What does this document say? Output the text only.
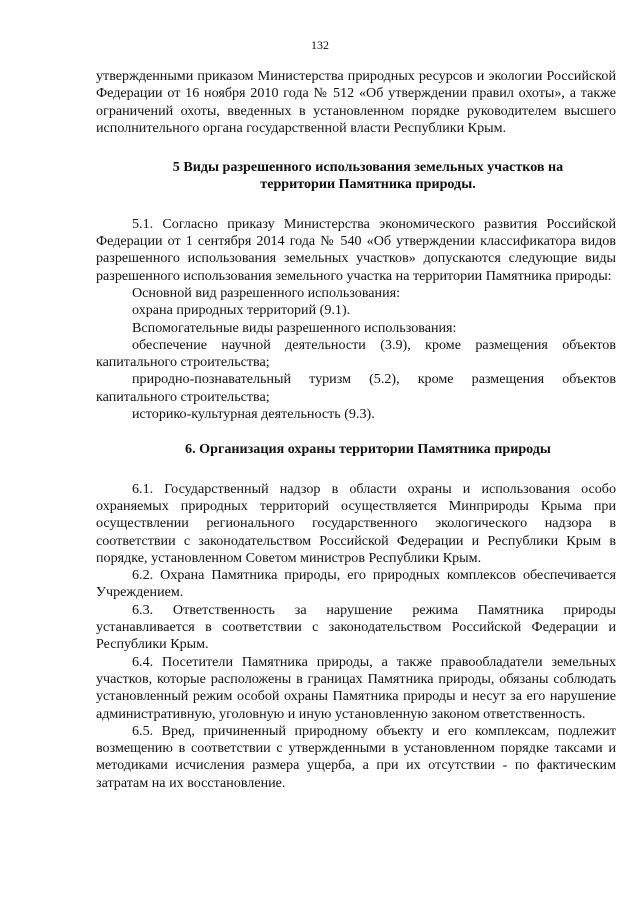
132

утвержденными приказом Министерства природных ресурсов и экологии Российской Федерации от 16 ноября 2010 года № 512 «Об утверждении правил охоты», а также ограничений охоты, введенных в установленном порядке руководителем высшего исполнительного органа государственной власти Республики Крым.

5 Виды разрешенного использования земельных участков на
территории Памятника природы.

5.1. Согласно приказу Министерства экономического развития Российской Федерации от 1 сентября 2014 года № 540 «Об утверждении классификатора видов разрешенного использования земельных участков» допускаются следующие виды разрешенного использования земельного участка на территории Памятника природы:

Основной вид разрешенного использования:

охрана природных территорий (9.1).

Вспомогательные виды разрешенного использования:

обеспечение научной деятельности (3.9), кроме размещения объектов капитального строительства;

природно-познавательный туризм (5.2), кроме размещения объектов капитального строительства;

историко-культурная деятельность (9.3).

6. Организация охраны территории Памятника природы

6.1. Государственный надзор в области охраны и использования особо охраняемых природных территорий осуществляется Минприроды Крыма при осуществлении регионального государственного экологического надзора в соответствии с законодательством Российской Федерации и Республики Крым в порядке, установленном Советом министров Республики Крым.

6.2. Охрана Памятника природы, его природных комплексов обеспечивается Учреждением.

6.3. Ответственность за нарушение режима Памятника природы устанавливается в соответствии с законодательством Российской Федерации и Республики Крым.

6.4. Посетители Памятника природы, а также правообладатели земельных участков, которые расположены в границах Памятника природы, обязаны соблюдать установленный режим особой охраны Памятника природы и несут за его нарушение административную, уголовную и иную установленную законом ответственность.

6.5. Вред, причиненный природному объекту и его комплексам, подлежит возмещению в соответствии с утвержденными в установленном порядке таксами и методиками исчисления размера ущерба, а при их отсутствии - по фактическим затратам на их восстановление.
